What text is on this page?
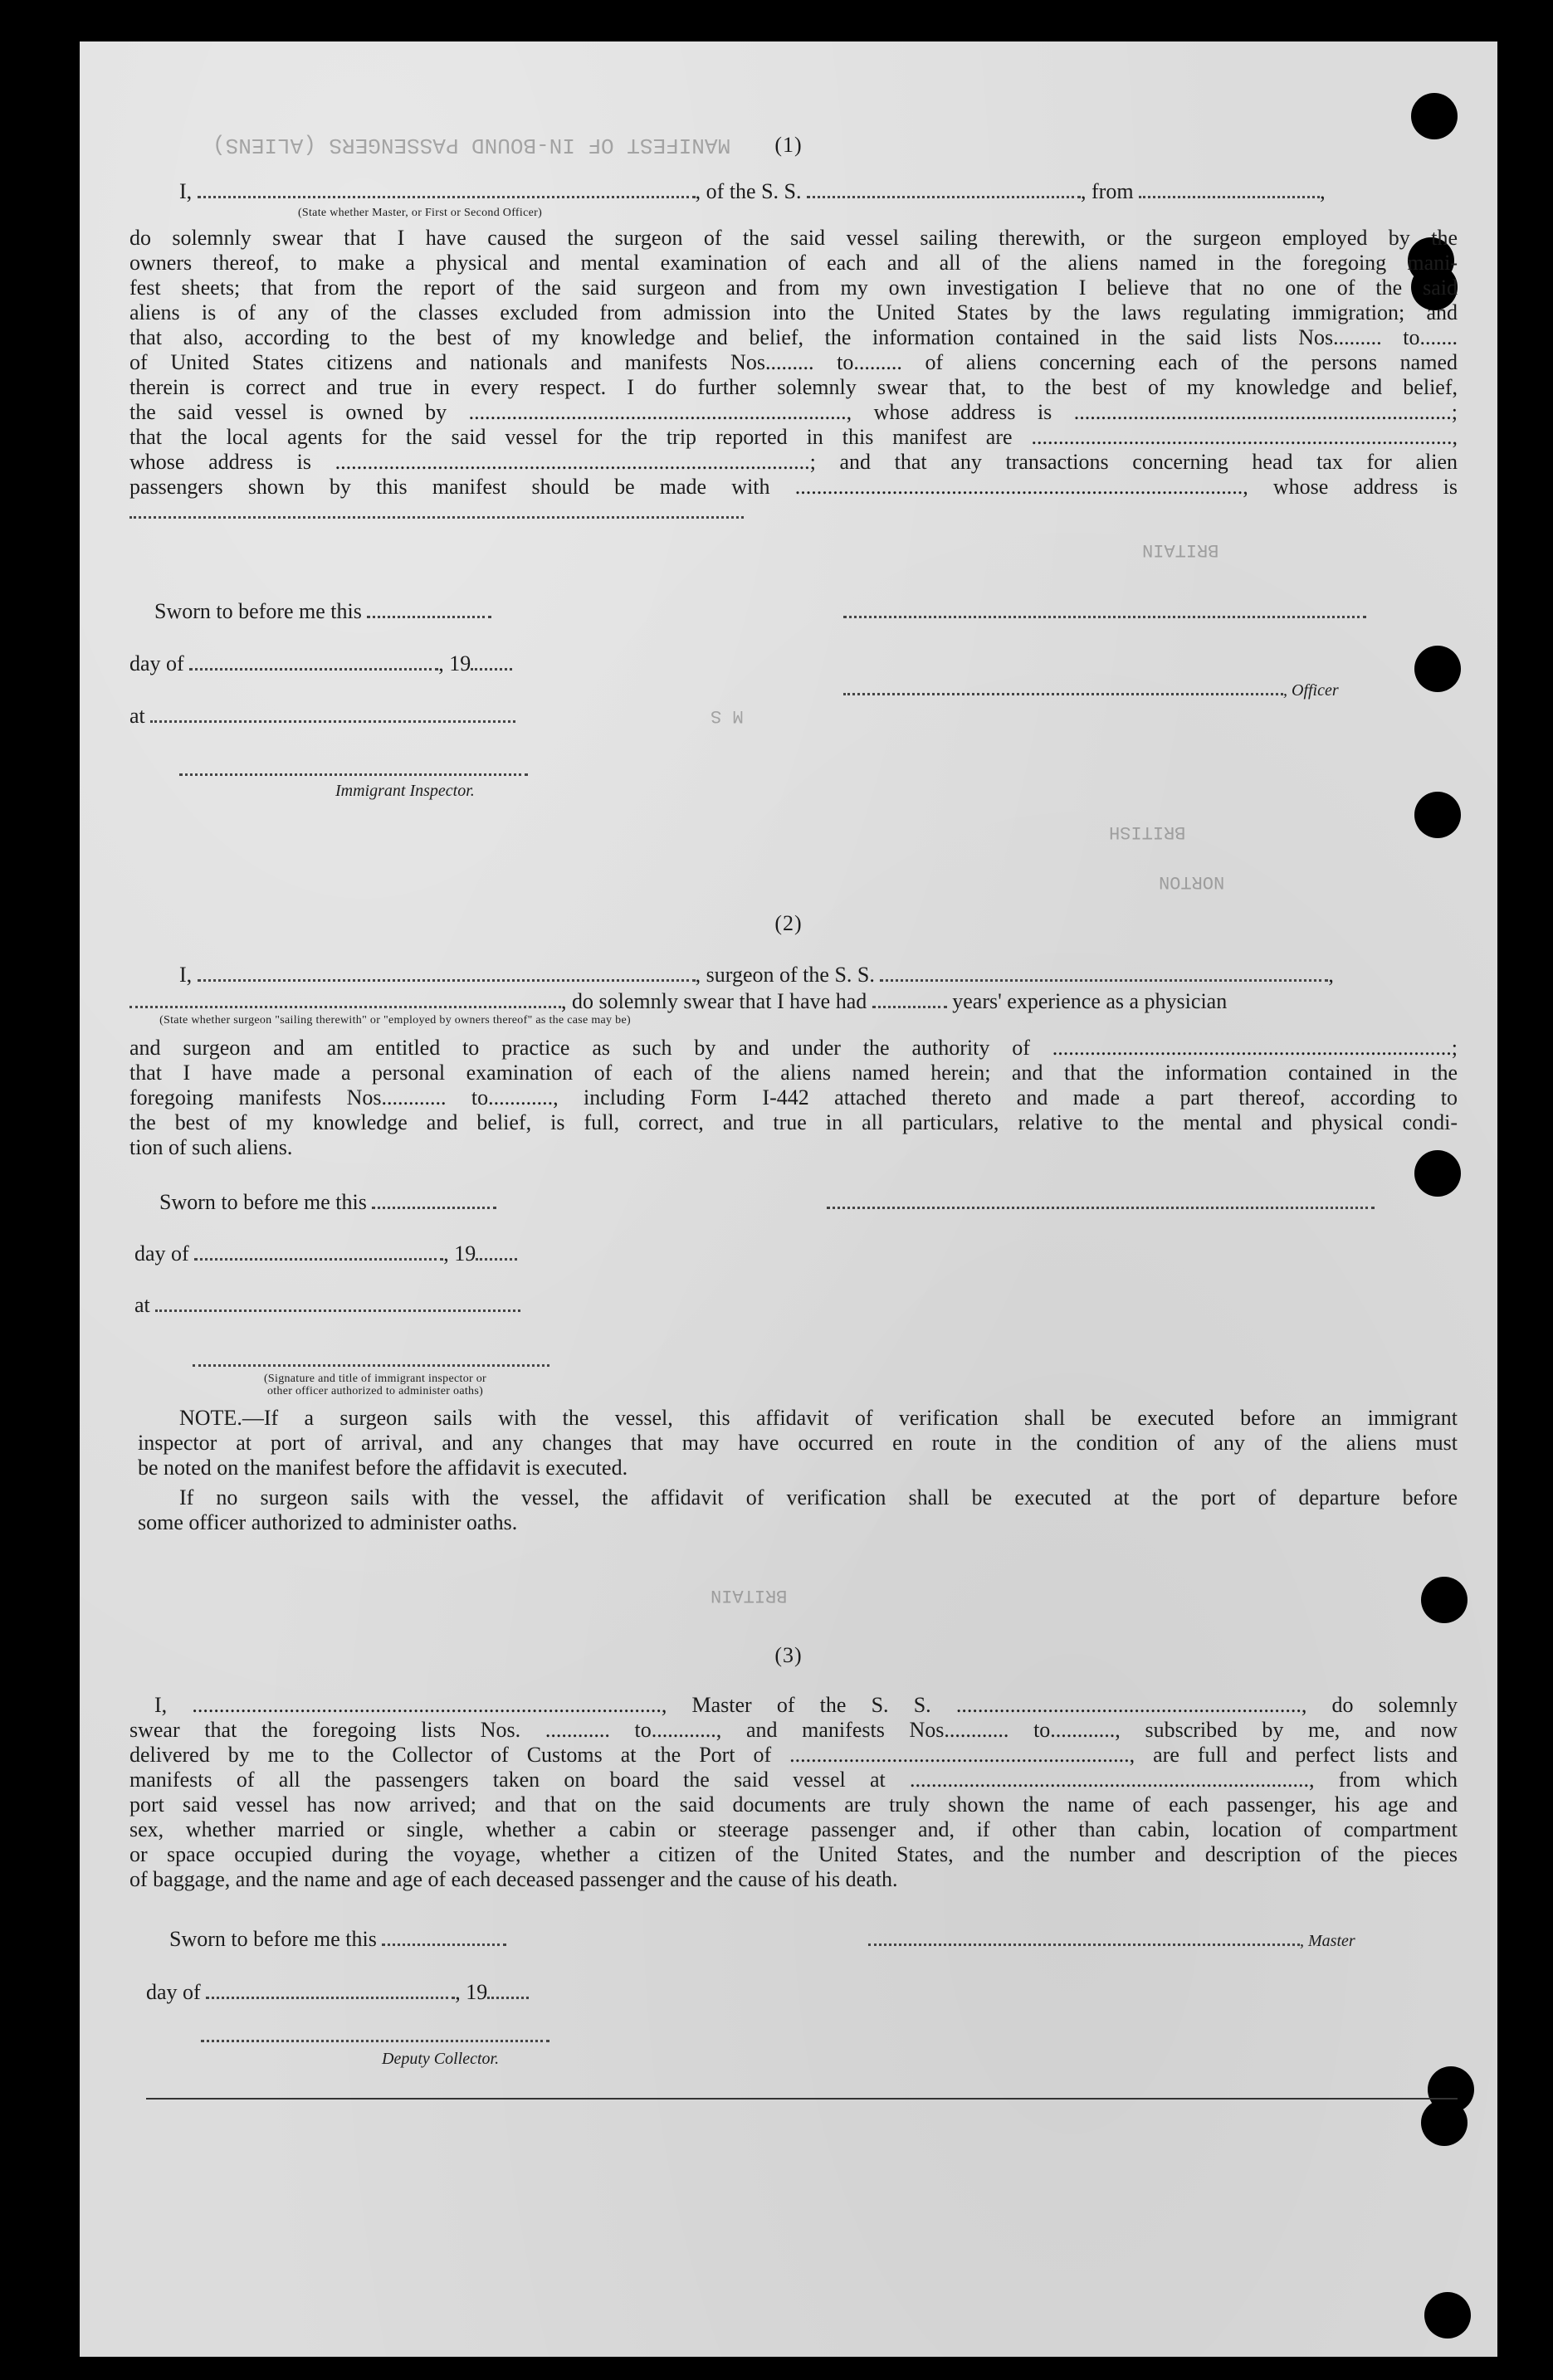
MANIFEST OF IN-BOUND PASSENGERS (ALIENS)
BRITAIN
M S
BRITISH
NORTON
BRITAIN
(1)
I,	, of the S. S.	, from	,
(State whether Master, or First or Second Officer)
do solemnly swear that I have caused the surgeon of the said vessel sailing therewith, or the surgeon employed by the
owners thereof, to make a physical and mental examination of each and all of the aliens named in the foregoing mani-
fest sheets; that from the report of the said surgeon and from my own investigation I believe that no one of the said
aliens is of any of the classes excluded from admission into the United States by the laws regulating immigration; and
that also, according to the best of my knowledge and belief, the information contained in the said lists Nos......... to.......
of United States citizens and nationals and manifests Nos......... to......... of aliens concerning each of the persons named
therein is correct and true in every respect. I do further solemnly swear that, to the best of my knowledge and belief,
the said vessel is owned by ......................................................................, whose address is ......................................................................;
that the local agents for the said vessel for the trip reported in this manifest are ..............................................................................,
whose address is ........................................................................................; and that any transactions concerning head tax for alien
passengers shown by this manifest should be made with ..................................................................................., whose address is
Sworn to before me this
day of	, 19
, Officer
at
Immigrant Inspector.
(2)
I,	, surgeon of the S. S.	,
, do solemnly swear that I have had	years' experience as a physician
(State whether surgeon "sailing therewith" or "employed by owners thereof" as the case may be)
and surgeon and am entitled to practice as such by and under the authority of ..........................................................................;
that I have made a personal examination of each of the aliens named herein; and that the information contained in the
foregoing manifests Nos............ to............, including Form I-442 attached thereto and made a part thereof, according to
the best of my knowledge and belief, is full, correct, and true in all particulars, relative to the mental and physical condi-
tion of such aliens.
Sworn to before me this
day of	, 19
at
(Signature and title of immigrant inspector or
other officer authorized to administer oaths)
NOTE.—If a surgeon sails with the vessel, this affidavit of verification shall be executed before an immigrant
inspector at port of arrival, and any changes that may have occurred en route in the condition of any of the aliens must
be noted on the manifest before the affidavit is executed.
If no surgeon sails with the vessel, the affidavit of verification shall be executed at the port of departure before
some officer authorized to administer oaths.
(3)
I, ......................................................................................., Master of the S. S. ................................................................, do solemnly
swear that the foregoing lists Nos. ............ to............, and manifests Nos............ to............, subscribed by me, and now
delivered by me to the Collector of Customs at the Port of ..............................................................., are full and perfect lists and
manifests of all the passengers taken on board the said vessel at .........................................................................., from which
port said vessel has now arrived; and that on the said documents are truly shown the name of each passenger, his age and
sex, whether married or single, whether a cabin or steerage passenger and, if other than cabin, location of compartment
or space occupied during the voyage, whether a citizen of the United States, and the number and description of the pieces
of baggage, and the name and age of each deceased passenger and the cause of his death.
Sworn to before me this	, Master
day of	, 19
Deputy Collector.
